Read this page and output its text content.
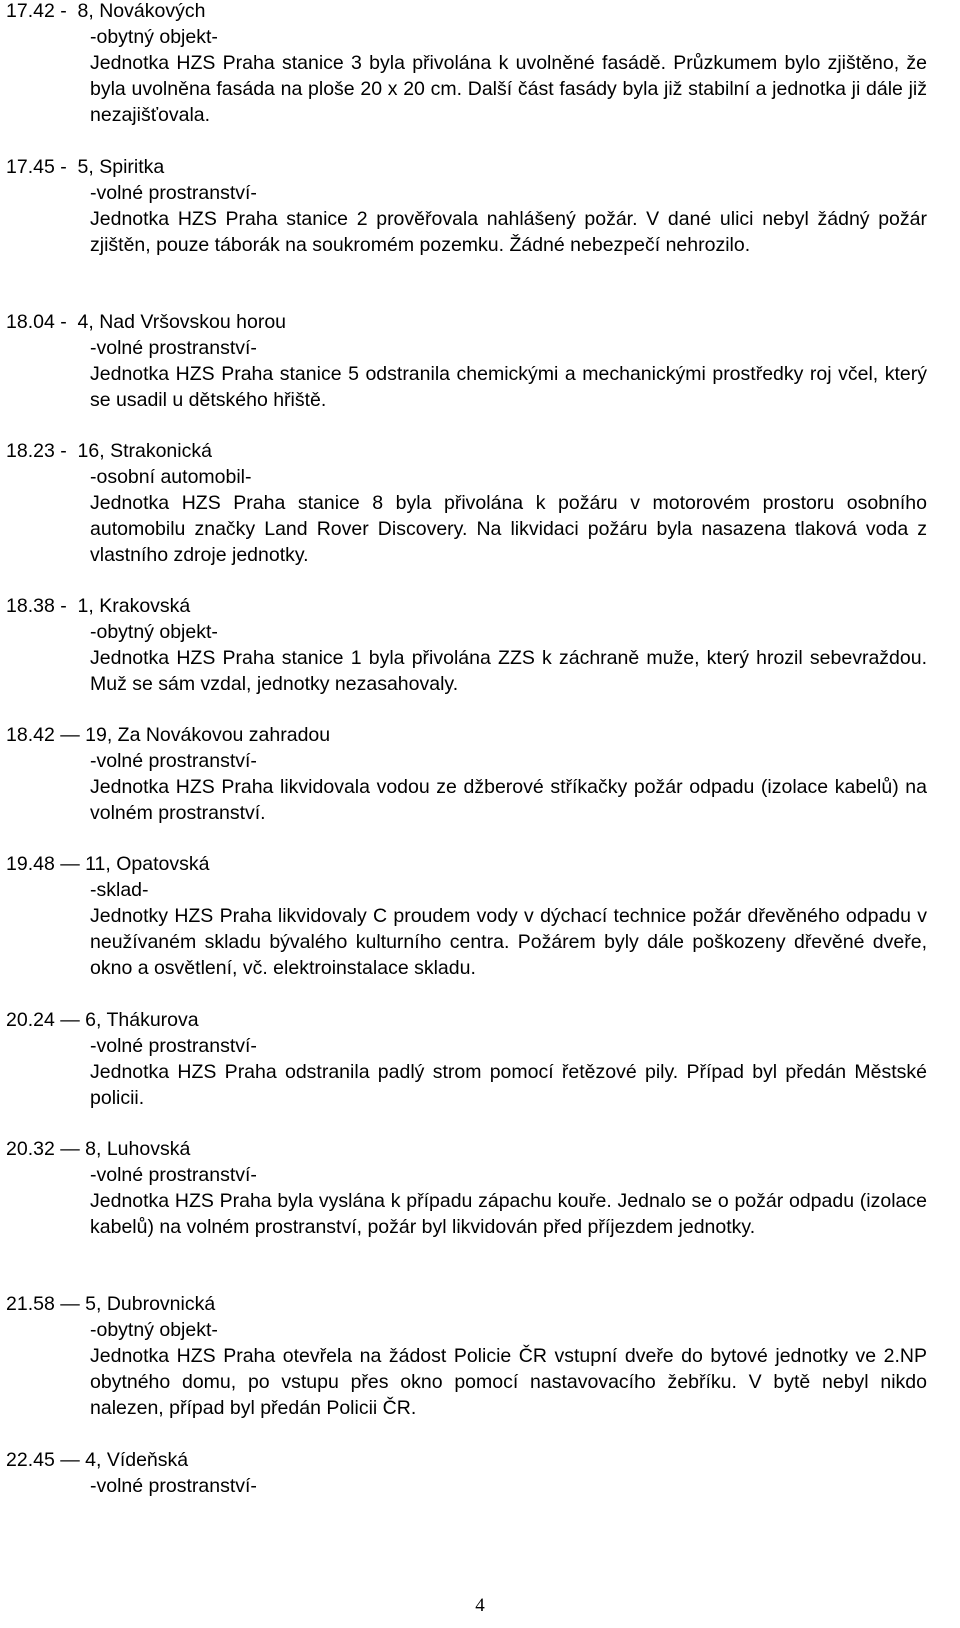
17.42 -  8, Novákových
-obytný objekt-
Jednotka HZS Praha stanice 3 byla přivolána k uvolněné fasádě. Průzkumem bylo zjištěno, že byla uvolněna fasáda na ploše 20 x 20 cm. Další část fasády byla již stabilní a jednotka ji dále již nezajišťovala.
17.45 -  5, Spiritka
-volné prostranství-
Jednotka HZS Praha stanice 2 prověřovala nahlášený požár. V dané ulici nebyl žádný požár zjištěn, pouze táborák na soukromém pozemku. Žádné nebezpečí nehrozilo.
18.04 -  4, Nad Vršovskou horou
-volné prostranství-
Jednotka HZS Praha stanice 5 odstranila chemickými a mechanickými prostředky roj včel, který se usadil u dětského hřiště.
18.23 -  16, Strakonická
-osobní automobil-
Jednotka HZS Praha stanice 8 byla přivolána k požáru v motorovém prostoru osobního automobilu značky Land Rover Discovery. Na likvidaci požáru byla nasazena tlaková voda z vlastního zdroje jednotky.
18.38 -  1, Krakovská
-obytný objekt-
Jednotka HZS Praha stanice 1 byla přivolána ZZS k záchraně muže, který hrozil sebevraždou. Muž se sám vzdal, jednotky nezasahovaly.
18.42 — 19, Za Novákovou zahradou
-volné prostranství-
Jednotka HZS Praha likvidovala vodou ze džberové stříkačky požár odpadu (izolace kabelů) na volném prostranství.
19.48 — 11, Opatovská
-sklad-
Jednotky HZS Praha likvidovaly C proudem vody v dýchací technice požár dřevěného odpadu v neužívaném skladu bývalého kulturního centra. Požárem byly dále poškozeny dřevěné dveře, okno a osvětlení, vč. elektroinstalace skladu.
20.24 — 6, Thákurova
-volné prostranství-
Jednotka HZS Praha odstranila padlý strom pomocí řetězové pily. Případ byl předán Městské policii.
20.32 — 8, Luhovská
-volné prostranství-
Jednotka HZS Praha byla vyslána k případu zápachu kouře. Jednalo se o požár odpadu (izolace kabelů) na volném prostranství, požár byl likvidován před příjezdem jednotky.
21.58 — 5, Dubrovnická
-obytný objekt-
Jednotka HZS Praha otevřela na žádost Policie ČR vstupní dveře do bytové jednotky ve 2.NP obytného domu, po vstupu přes okno pomocí nastavovacího žebříku. V bytě nebyl nikdo nalezen, případ byl předán Policii ČR.
22.45 — 4, Vídeňská
-volné prostranství-
4
